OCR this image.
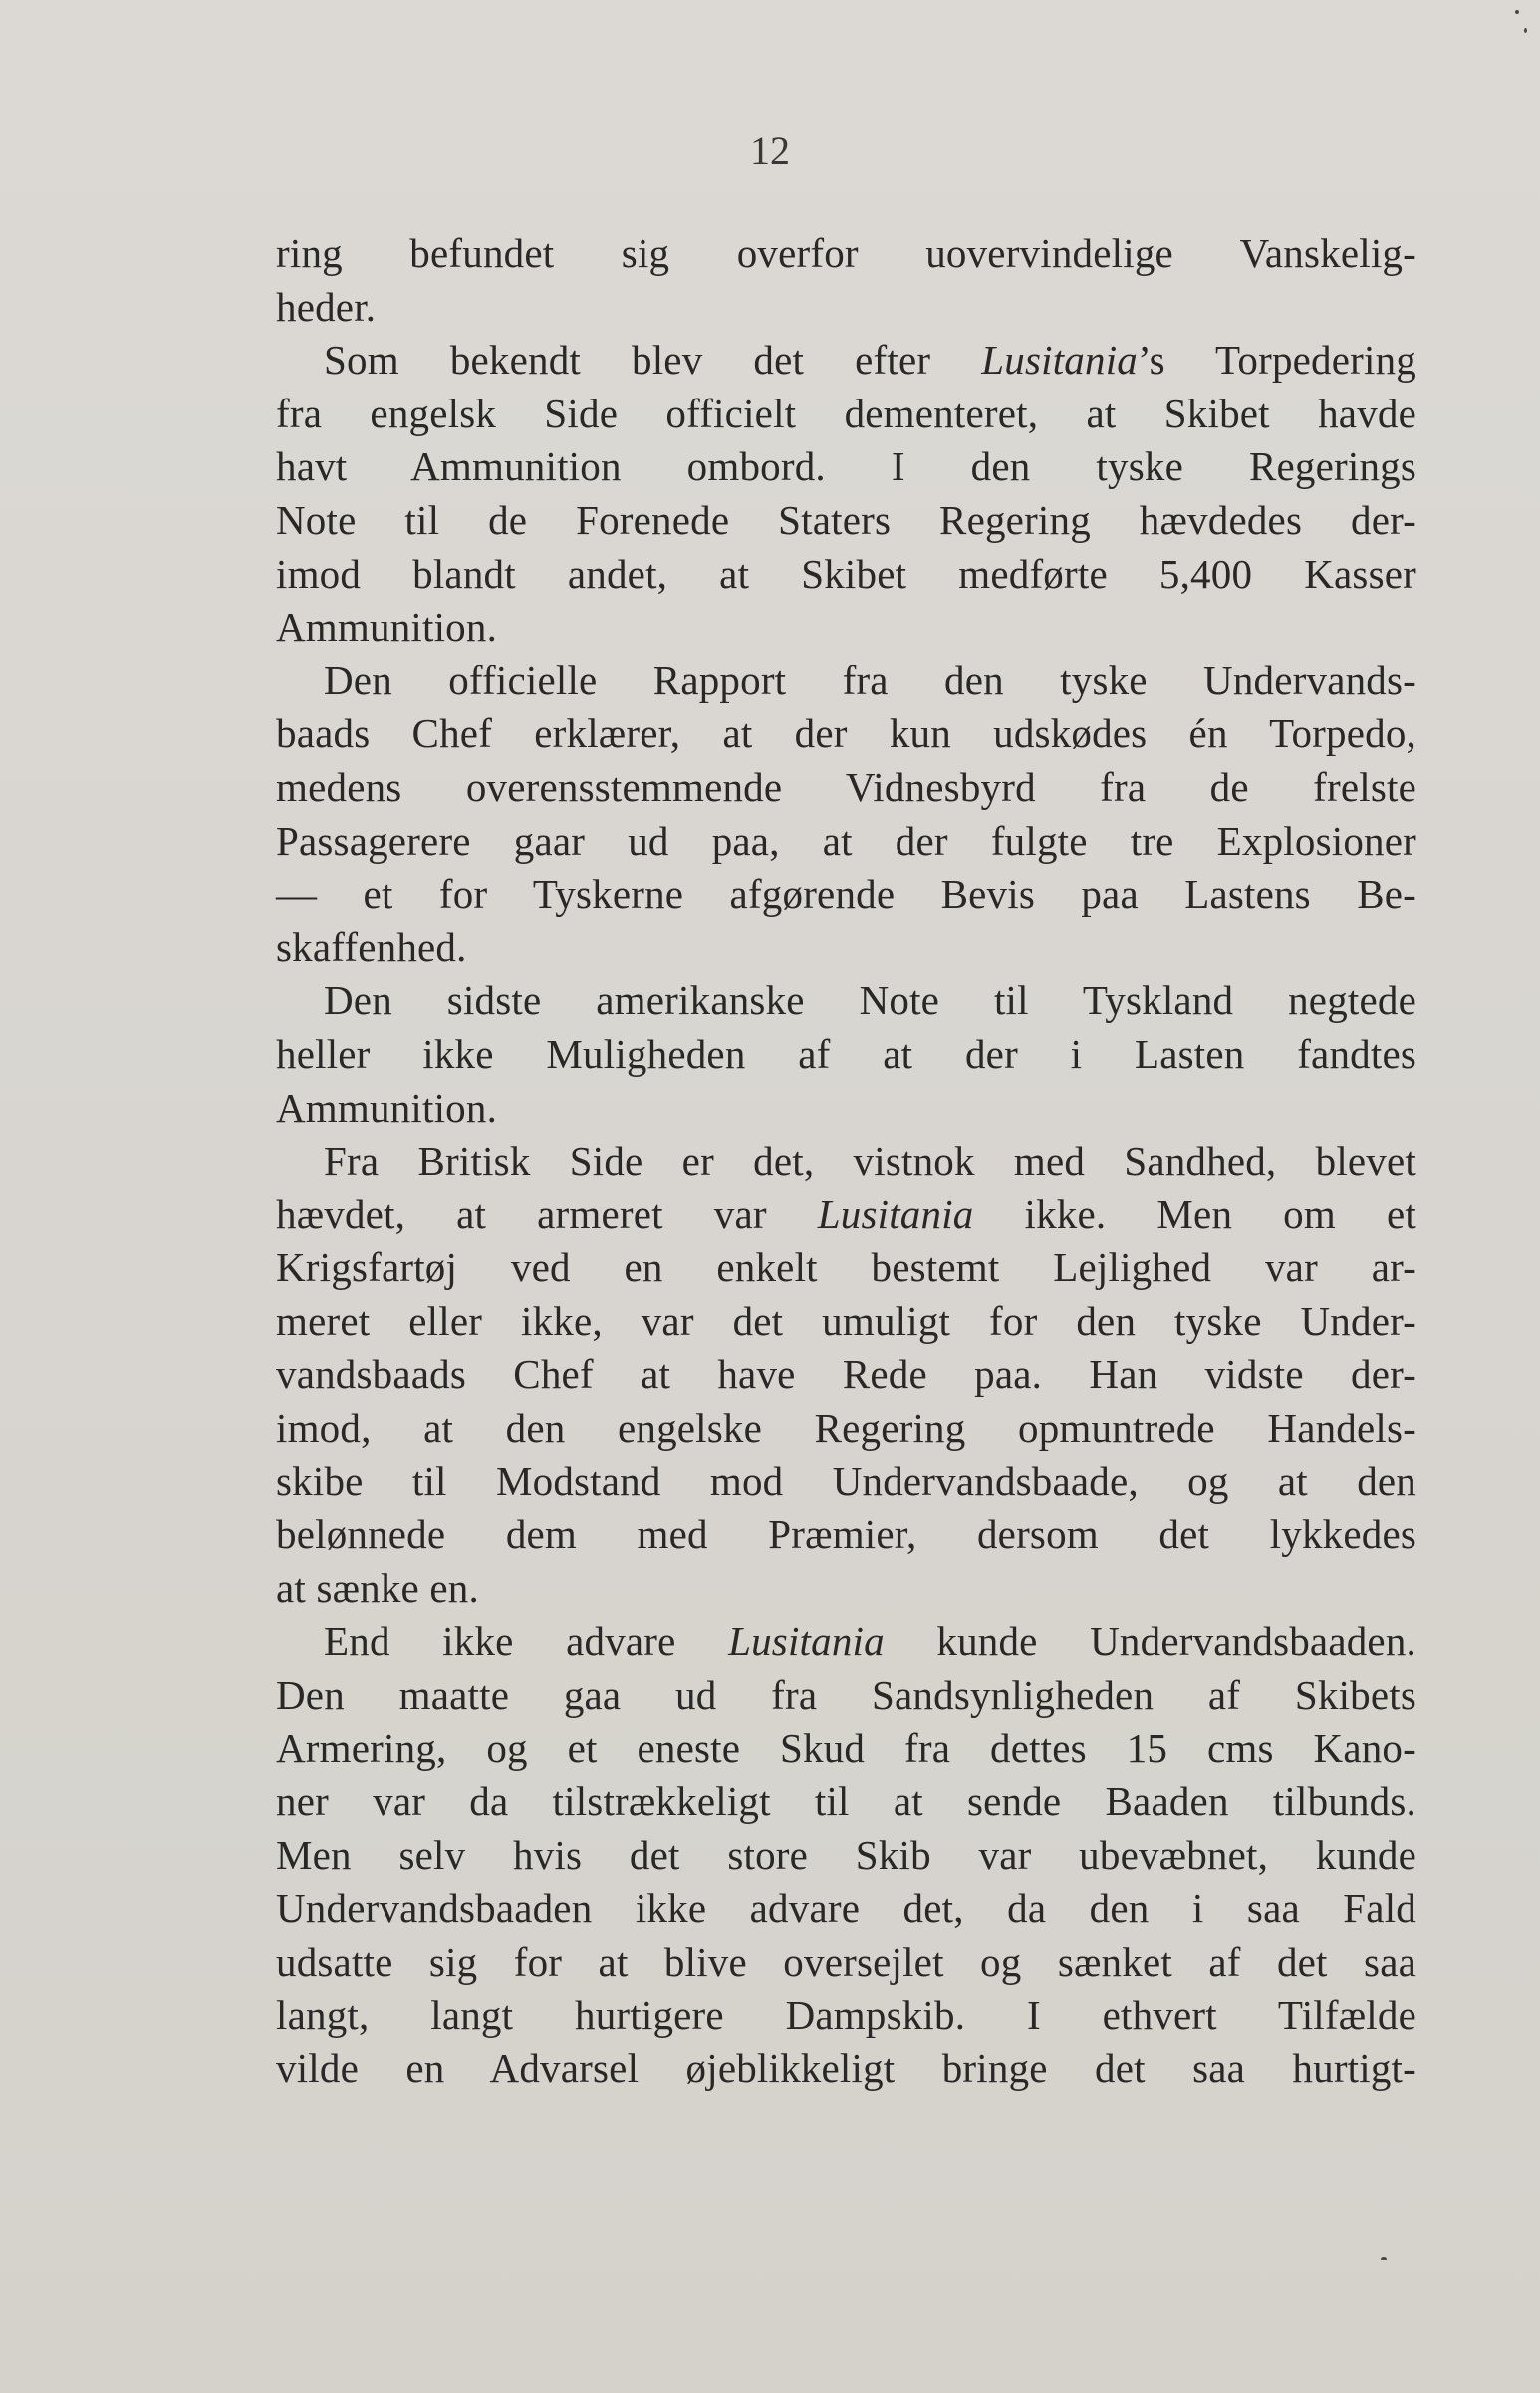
12
ring befundet sig overfor uovervindelige Vanskelig-
heder.
Som bekendt blev det efter Lusitania’s Torpedering
fra engelsk Side officielt dementeret, at Skibet havde
havt Ammunition ombord. I den tyske Regerings
Note til de Forenede Staters Regering hævdedes der-
imod blandt andet, at Skibet medførte 5,400 Kasser
Ammunition.
Den officielle Rapport fra den tyske Undervands-
baads Chef erklærer, at der kun udskødes én Torpedo,
medens overensstemmende Vidnesbyrd fra de frelste
Passagerere gaar ud paa, at der fulgte tre Explosioner
— et for Tyskerne afgørende Bevis paa Lastens Be-
skaffenhed.
Den sidste amerikanske Note til Tyskland negtede
heller ikke Muligheden af at der i Lasten fandtes
Ammunition.
Fra Britisk Side er det, vistnok med Sandhed, blevet
hævdet, at armeret var Lusitania ikke. Men om et
Krigsfartøj ved en enkelt bestemt Lejlighed var ar-
meret eller ikke, var det umuligt for den tyske Under-
vandsbaads Chef at have Rede paa. Han vidste der-
imod, at den engelske Regering opmuntrede Handels-
skibe til Modstand mod Undervandsbaade, og at den
belønnede dem med Præmier, dersom det lykkedes
at sænke en.
End ikke advare Lusitania kunde Undervandsbaaden.
Den maatte gaa ud fra Sandsynligheden af Skibets
Armering, og et eneste Skud fra dettes 15 cms Kano-
ner var da tilstrækkeligt til at sende Baaden tilbunds.
Men selv hvis det store Skib var ubevæbnet, kunde
Undervandsbaaden ikke advare det, da den i saa Fald
udsatte sig for at blive oversejlet og sænket af det saa
langt, langt hurtigere Dampskib. I ethvert Tilfælde
vilde en Advarsel øjeblikkeligt bringe det saa hurtigt-
